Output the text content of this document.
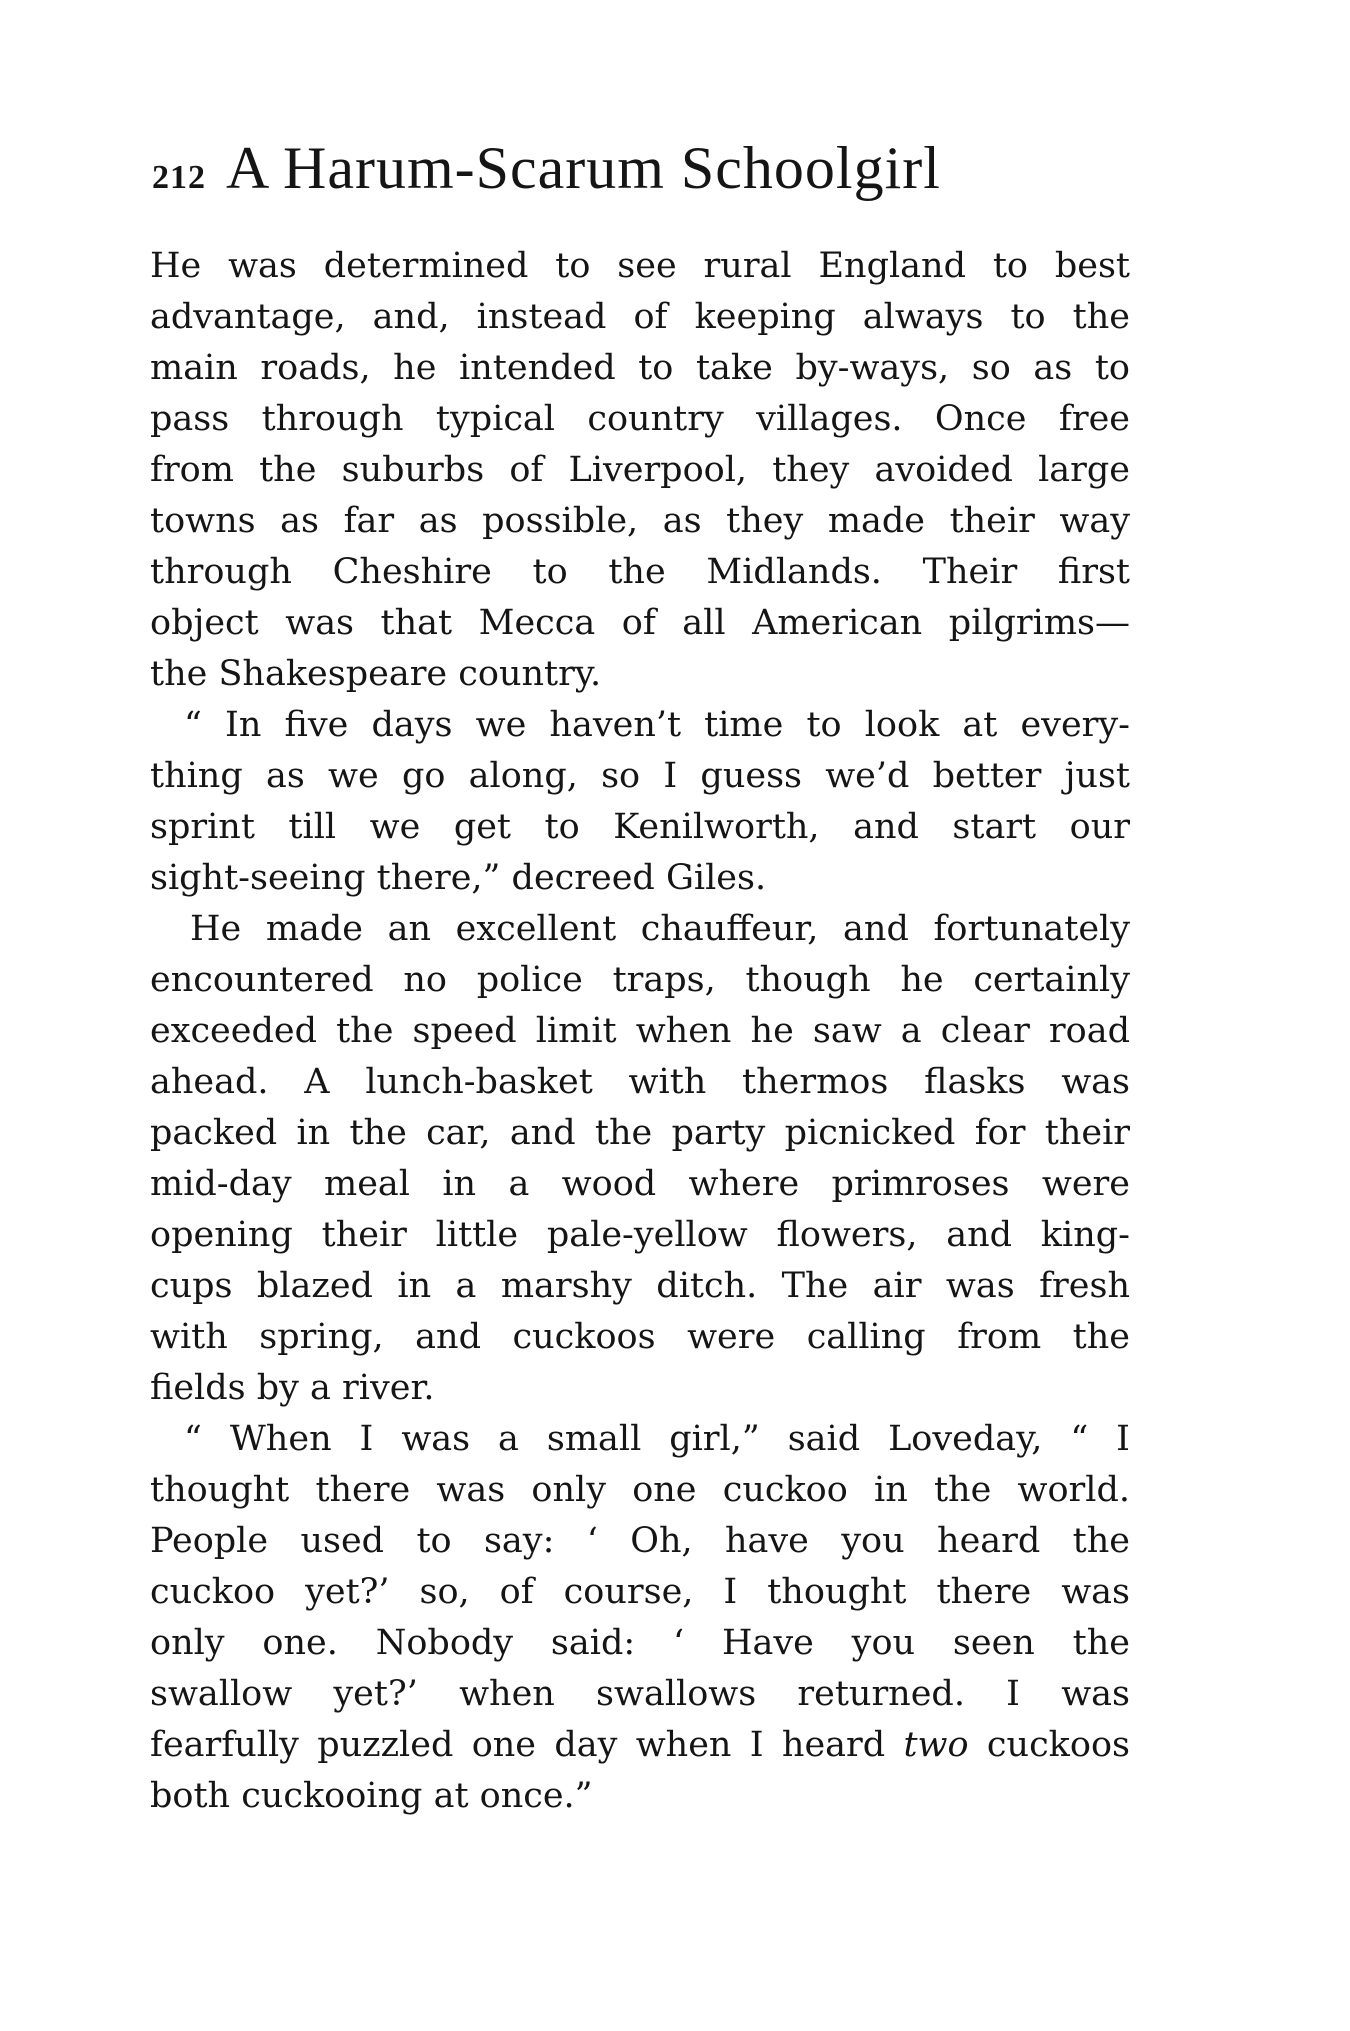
212 A Harum-Scarum Schoolgirl
He was determined to see rural England to best
advantage, and, instead of keeping always to the
main roads, he intended to take by-ways, so as to
pass through typical country villages. Once free
from the suburbs of Liverpool, they avoided large
towns as far as possible, as they made their way
through Cheshire to the Midlands. Their first
object was that Mecca of all American pilgrims—
the Shakespeare country.
“ In five days we haven’t time to look at every-
thing as we go along, so I guess we’d better just
sprint till we get to Kenilworth, and start our
sight-seeing there,” decreed Giles.
He made an excellent chauffeur, and fortunately
encountered no police traps, though he certainly
exceeded the speed limit when he saw a clear road
ahead. A lunch-basket with thermos flasks was
packed in the car, and the party picnicked for their
mid-day meal in a wood where primroses were
opening their little pale-yellow flowers, and king-
cups blazed in a marshy ditch. The air was fresh
with spring, and cuckoos were calling from the
fields by a river.
“ When I was a small girl,” said Loveday, “ I
thought there was only one cuckoo in the world.
People used to say: ‘ Oh, have you heard the
cuckoo yet?’ so, of course, I thought there was
only one. Nobody said: ‘ Have you seen the
swallow yet?’ when swallows returned. I was
fearfully puzzled one day when I heard two cuckoos
both cuckooing at once.”
